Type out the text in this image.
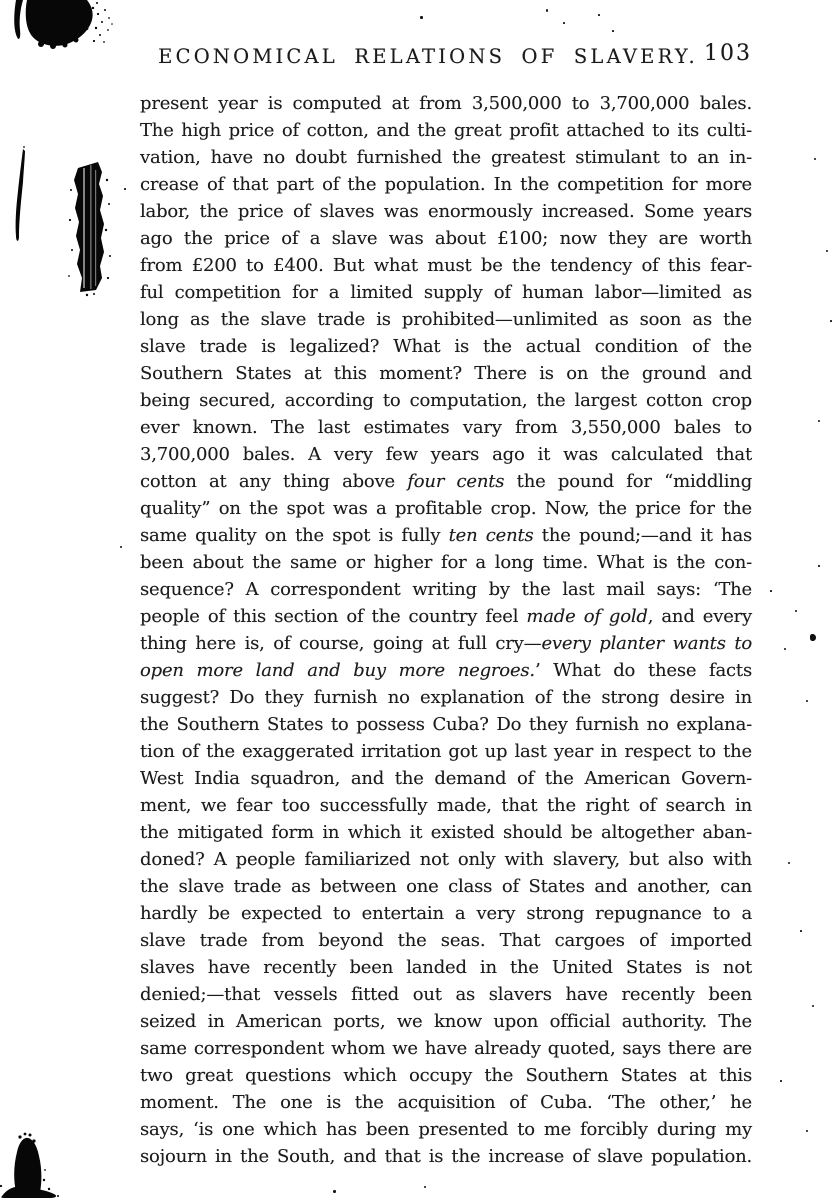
ECONOMICAL RELATIONS OF SLAVERY. 103
present year is computed at from 3,500,000 to 3,700,000 bales.
The high price of cotton, and the great profit attached to its culti-
vation, have no doubt furnished the greatest stimulant to an in-
crease of that part of the population. In the competition for more
labor, the price of slaves was enormously increased. Some years
ago the price of a slave was about £100; now they are worth
from £200 to £400. But what must be the tendency of this fear-
ful competition for a limited supply of human labor—limited as
long as the slave trade is prohibited—unlimited as soon as the
slave trade is legalized? What is the actual condition of the
Southern States at this moment? There is on the ground and
being secured, according to computation, the largest cotton crop
ever known. The last estimates vary from 3,550,000 bales to
3,700,000 bales. A very few years ago it was calculated that
cotton at any thing above four cents the pound for “middling
quality” on the spot was a profitable crop. Now, the price for the
same quality on the spot is fully ten cents the pound;—and it has
been about the same or higher for a long time. What is the con-
sequence? A correspondent writing by the last mail says: ‘The
people of this section of the country feel made of gold, and every
thing here is, of course, going at full cry—every planter wants to
open more land and buy more negroes.’ What do these facts
suggest? Do they furnish no explanation of the strong desire in
the Southern States to possess Cuba? Do they furnish no explana-
tion of the exaggerated irritation got up last year in respect to the
West India squadron, and the demand of the American Govern-
ment, we fear too successfully made, that the right of search in
the mitigated form in which it existed should be altogether aban-
doned? A people familiarized not only with slavery, but also with
the slave trade as between one class of States and another, can
hardly be expected to entertain a very strong repugnance to a
slave trade from beyond the seas. That cargoes of imported
slaves have recently been landed in the United States is not
denied;—that vessels fitted out as slavers have recently been
seized in American ports, we know upon official authority. The
same correspondent whom we have already quoted, says there are
two great questions which occupy the Southern States at this
moment. The one is the acquisition of Cuba. ‘The other,’ he
says, ‘is one which has been presented to me forcibly during my
sojourn in the South, and that is the increase of slave population.
